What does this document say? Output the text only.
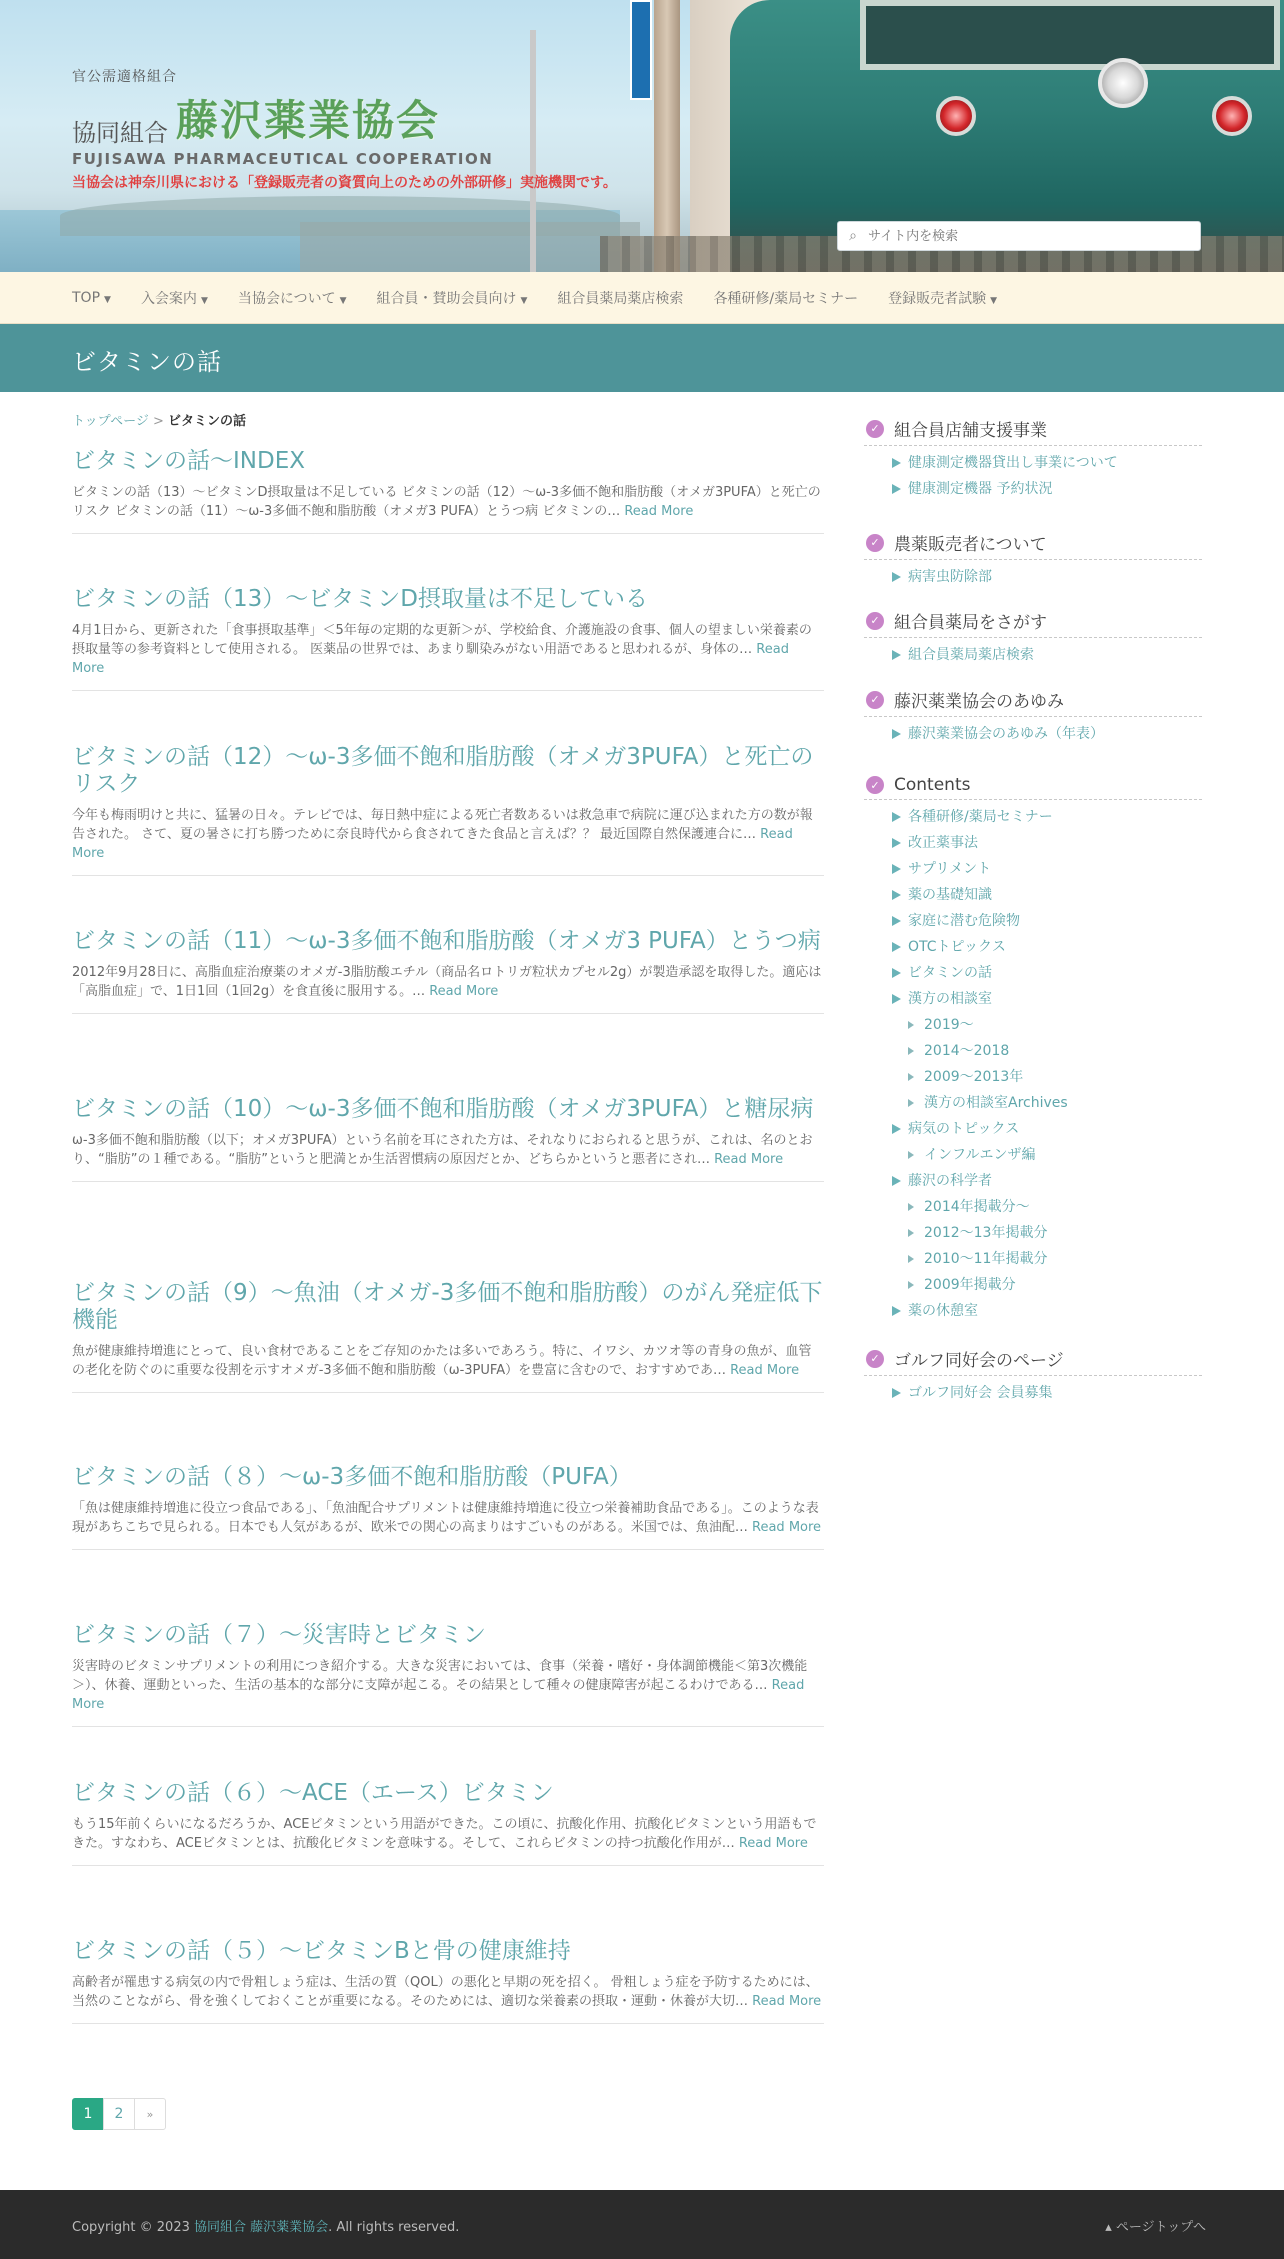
官公需適格組合
協同組合 藤沢薬業協会
FUJISAWA PHARMACEUTICAL COOPERATION
当協会は神奈川県における「登録販売者の資質向上のための外部研修」実施機関です。
⌕
サイト内を検索
TOP ▼ 入会案内 ▼ 当協会について ▼ 組合員・賛助会員向け ▼ 組合員薬局薬店検索 各種研修/薬局セミナー 登録販売者試験 ▼
ビタミンの話
トップページ > ビタミンの話
ビタミンの話～INDEX

ビタミンの話（13）～ビタミンD摂取量は不足している ビタミンの話（12）～ω-3多価不飽和脂肪酸（オメガ3PUFA）と死亡のリスク ビタミンの話（11）～ω-3多価不飽和脂肪酸（オメガ3 PUFA）とうつ病 ビタミンの… Read More

ビタミンの話（13）～ビタミンD摂取量は不足している

4月1日から、更新された「食事摂取基準」＜5年毎の定期的な更新＞が、学校給食、介護施設の食事、個人の望ましい栄養素の摂取量等の参考資料として使用される。 医薬品の世界では、あまり馴染みがない用語であると思われるが、身体の… Read More

ビタミンの話（12）～ω-3多価不飽和脂肪酸（オメガ3PUFA）と死亡のリスク

今年も梅雨明けと共に、猛暑の日々。テレビでは、毎日熱中症による死亡者数あるいは救急車で病院に運び込まれた方の数が報告された。 さて、夏の暑さに打ち勝つために奈良時代から食されてきた食品と言えば？？ 最近国際自然保護連合に… Read More

ビタミンの話（11）～ω-3多価不飽和脂肪酸（オメガ3 PUFA）とうつ病

2012年9月28日に、高脂血症治療薬のオメガ-3脂肪酸エチル（商品名ロトリガ粒状カプセル2g）が製造承認を取得した。適応は「高脂血症」で、1日1回（1回2g）を食直後に服用する。… Read More

ビタミンの話（10）～ω-3多価不飽和脂肪酸（オメガ3PUFA）と糖尿病

ω-3多価不飽和脂肪酸（以下；オメガ3PUFA）という名前を耳にされた方は、それなりにおられると思うが、これは、名のとおり、“脂肪”の１種である。“脂肪”というと肥満とか生活習慣病の原因だとか、どちらかというと悪者にされ… Read More

ビタミンの話（9）～魚油（オメガ-3多価不飽和脂肪酸）のがん発症低下機能

魚が健康維持増進にとって、良い食材であることをご存知のかたは多いであろう。特に、イワシ、カツオ等の青身の魚が、血管の老化を防ぐのに重要な役割を示すオメガ-3多価不飽和脂肪酸（ω-3PUFA）を豊富に含むので、おすすめであ… Read More

ビタミンの話（８）～ω-3多価不飽和脂肪酸（PUFA）

「魚は健康維持増進に役立つ食品である」、「魚油配合サプリメントは健康維持増進に役立つ栄養補助食品である」。このような表現があちこちで見られる。日本でも人気があるが、欧米での関心の高まりはすごいものがある。米国では、魚油配… Read More

ビタミンの話（７）～災害時とビタミン

災害時のビタミンサプリメントの利用につき紹介する。大きな災害においては、食事（栄養・嗜好・身体調節機能＜第3次機能＞）、休養、運動といった、生活の基本的な部分に支障が起こる。その結果として種々の健康障害が起こるわけである… Read More

ビタミンの話（６）～ACE（エース）ビタミン

もう15年前くらいになるだろうか、ACEビタミンという用語ができた。この頃に、抗酸化作用、抗酸化ビタミンという用語もできた。すなわち、ACEビタミンとは、抗酸化ビタミンを意味する。そして、これらビタミンの持つ抗酸化作用が… Read More

ビタミンの話（５）～ビタミンBと骨の健康維持

高齢者が罹患する病気の内で骨粗しょう症は、生活の質（QOL）の悪化と早期の死を招く。 骨粗しょう症を予防するためには、当然のことながら、骨を強くしておくことが重要になる。そのためには、適切な栄養素の摂取・運動・休養が大切… Read More

1	2	»
✓ 組合員店舗支援事業
健康測定機器貸出し事業について
健康測定機器 予約状況
✓ 農薬販売者について
病害虫防除部
✓ 組合員薬局をさがす
組合員薬局薬店検索
✓ 藤沢薬業協会のあゆみ
藤沢薬業協会のあゆみ（年表）
✓ Contents
各種研修/薬局セミナー
改正薬事法
サプリメント
薬の基礎知識
家庭に潜む危険物
OTCトピックス
ビタミンの話
漢方の相談室
2019～
2014～2018
2009～2013年
漢方の相談室Archives
病気のトピックス
インフルエンザ編
藤沢の科学者
2014年掲載分～
2012～13年掲載分
2010～11年掲載分
2009年掲載分
薬の休憩室
✓ ゴルフ同好会のページ
ゴルフ同好会 会員募集
Copyright © 2023 協同組合 藤沢薬業協会. All rights reserved.	▴ ページトップへ
